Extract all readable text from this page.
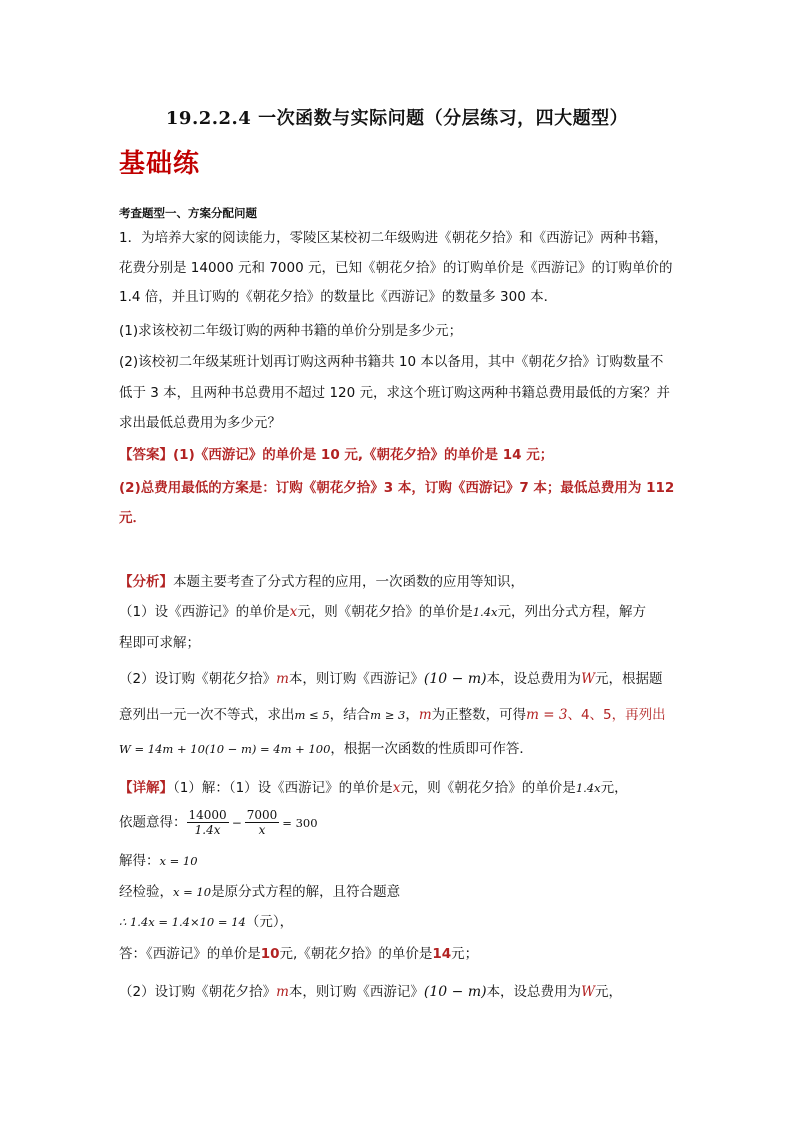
19.2.2.4 一次函数与实际问题（分层练习，四大题型）
基础练
考查题型一、方案分配问题
1．为培养大家的阅读能力，零陵区某校初二年级购进《朝花夕拾》和《西游记》两种书籍，
花费分别是 14000 元和 7000 元，已知《朝花夕拾》的订购单价是《西游记》的订购单价的
1.4 倍，并且订购的《朝花夕拾》的数量比《西游记》的数量多 300 本．
(1)求该校初二年级订购的两种书籍的单价分别是多少元；
(2)该校初二年级某班计划再订购这两种书籍共 10 本以备用，其中《朝花夕拾》订购数量不
低于 3 本，且两种书总费用不超过 120 元，求这个班订购这两种书籍总费用最低的方案？并
求出最低总费用为多少元？
【答案】(1)《西游记》的单价是 10 元,《朝花夕拾》的单价是 14 元；
(2)总费用最低的方案是：订购《朝花夕拾》3 本，订购《西游记》7 本；最低总费用为 112
元．
【分析】本题主要考查了分式方程的应用，一次函数的应用等知识，
（1）设《西游记》的单价是x元，则《朝花夕拾》的单价是1.4x元，列出分式方程，解方
程即可求解；
（2）设订购《朝花夕拾》m本，则订购《西游记》(10 − m)本，设总费用为W元，根据题
意列出一元一次不等式，求出m ≤ 5，结合m ≥ 3，m为正整数，可得m = 3、4、5，再列出
W = 14m + 10(10 − m) = 4m + 100，根据一次函数的性质即可作答．
【详解】（1）解：（1）设《西游记》的单价是x元，则《朝花夕拾》的单价是1.4x元，
依题意得： $\frac{14000}{1.4x} - \frac{7000}{x} = 300$
解得：x = 10
经检验，x = 10是原分式方程的解，且符合题意
∴ 1.4x = 1.4×10 = 14（元），
答：《西游记》的单价是10元,《朝花夕拾》的单价是14元；
（2）设订购《朝花夕拾》m本，则订购《西游记》(10 − m)本，设总费用为W元，
